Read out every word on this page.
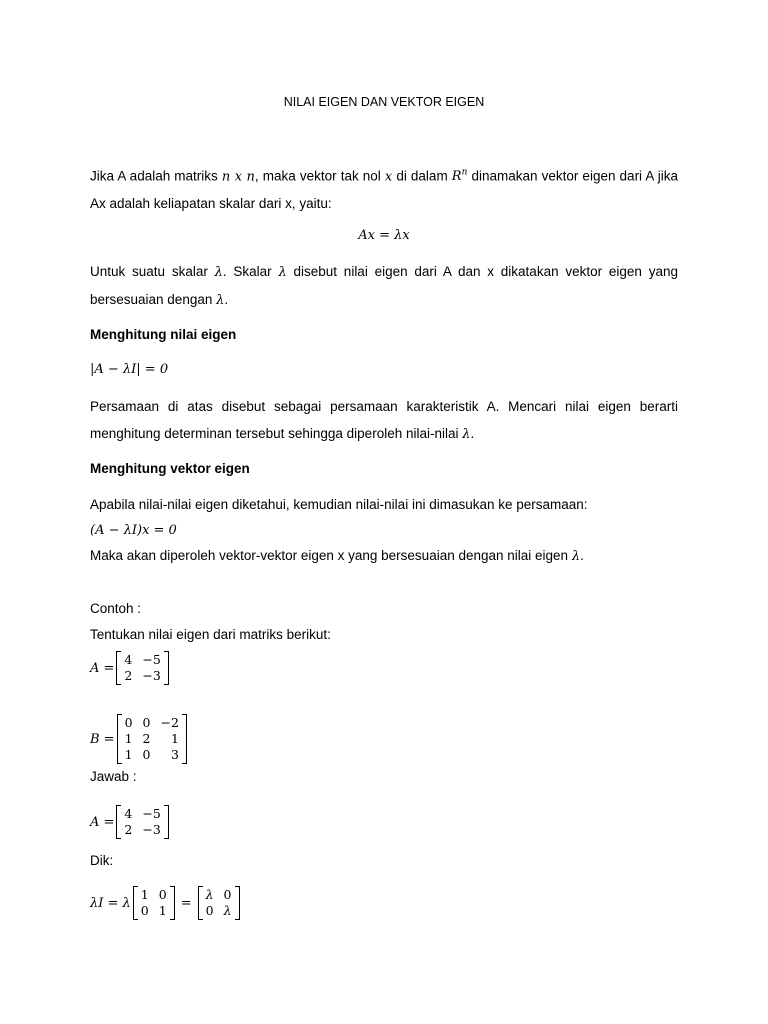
NILAI EIGEN DAN VEKTOR EIGEN
Jika A adalah matriks n x n, maka vektor tak nol x di dalam $R^n$ dinamakan vektor eigen dari A jika Ax adalah keliapatan skalar dari x, yaitu:
Ax = λx
Untuk suatu skalar λ. Skalar λ disebut nilai eigen dari A dan x dikatakan vektor eigen yang bersesuaian dengan λ.
Menghitung nilai eigen
|A − λI| = 0
Persamaan di atas disebut sebagai persamaan karakteristik A. Mencari nilai eigen berarti menghitung determinan tersebut sehingga diperoleh nilai-nilai λ.
Menghitung vektor eigen
Apabila nilai-nilai eigen diketahui, kemudian nilai-nilai ini dimasukan ke persamaan:
(A − λI)x = 0
Maka akan diperoleh vektor-vektor eigen x yang bersesuaian dengan nilai eigen λ.
Contoh :
Tentukan nilai eigen dari matriks berikut:
A =
4 −5
2 −3
B =
0 0 −2
1 2	1
1 0	3
Jawab :
A =
4 −5
2 −3
Dik:
λI = λ
1 0
0 1 =
λ 0
0 λ
